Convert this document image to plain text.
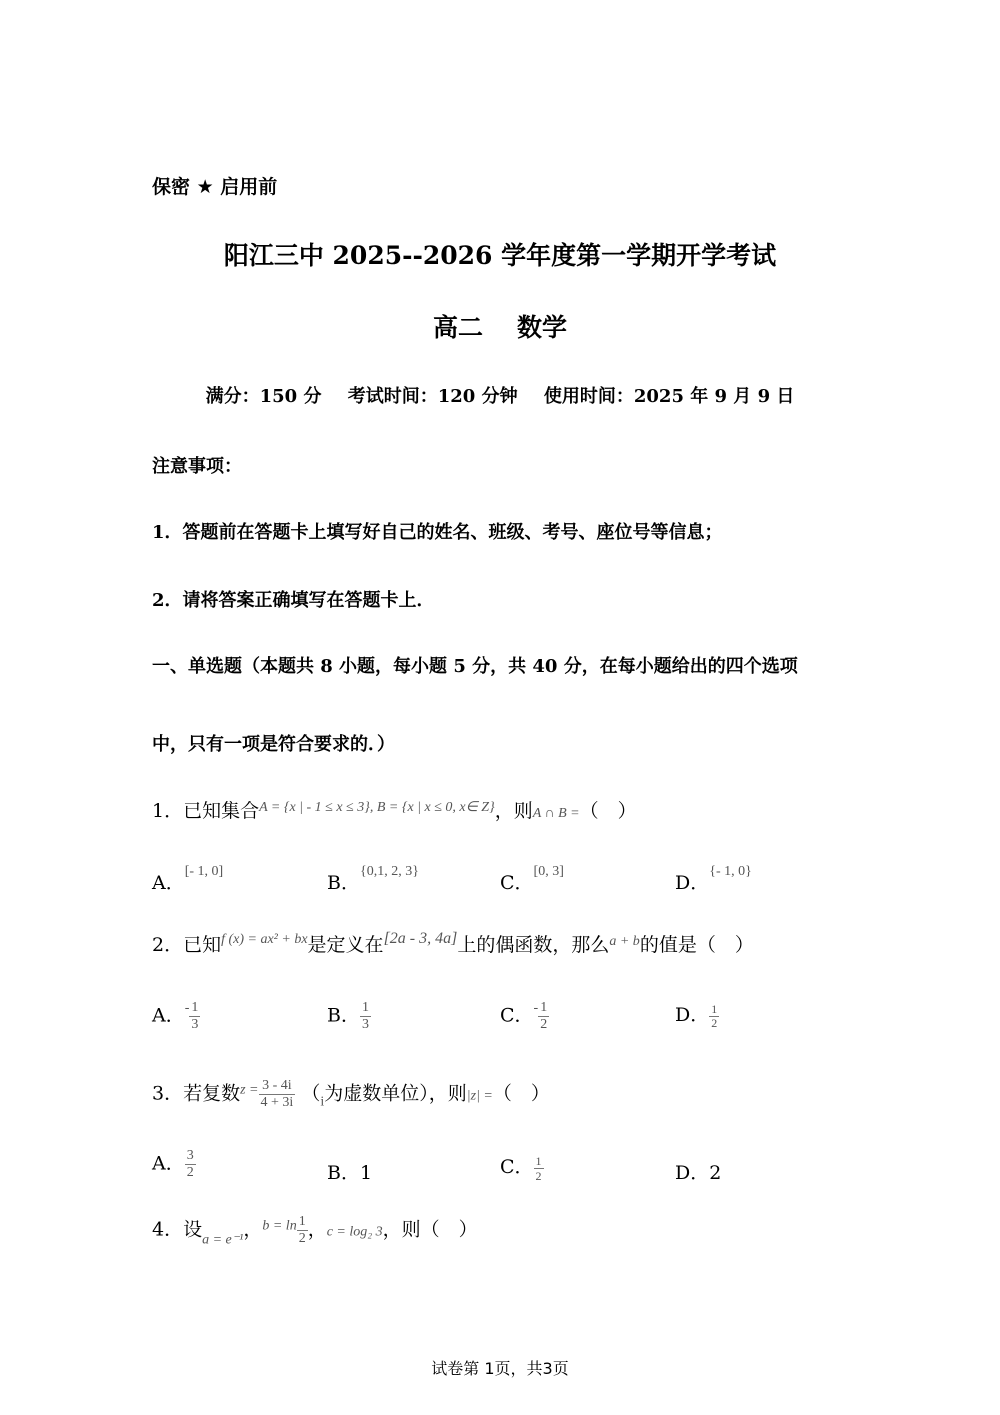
保密 ★ 启用前
阳江三中 2025--2026 学年度第一学期开学考试
高二 数学
满分：150 分 考试时间：120 分钟 使用时间：2025 年 9 月 9 日
注意事项：
1．答题前在答题卡上填写好自己的姓名、班级、考号、座位号等信息；
2．请将答案正确填写在答题卡上．
一、单选题（本题共 8 小题，每小题 5 分，共 40 分，在每小题给出的四个选项
中，只有一项是符合要求的．）
1．已知集合$^{A = \{x | - 1 \le x \le 3\}, B = \{x | x \le 0, x\in Z\}}$，则A ∩ B =（　）
A．[- 1, 0]
B．$^{\{0,1, 2, 3\}}$
C．[0, 3]
D．$^{\{- 1, 0\}}$
2．已知$^{f (x) = ax^2 + bx}$是定义在[2a - 3, 4a]上的偶函数，那么$^{a + b}$的值是（　）
A．$^- \frac{1}{3}$	B． $\frac{1}{3}$	C．$^- \frac{1}{2}$	D． $\frac{1}{2}$
3．若复数$^{z =} \frac{3 - 4i}{4 + 3i} (_i$为虚数单位），则|z| =（　）
A． $\frac{3}{2}$	B．1	C． $\frac{1}{2}$	D．2
4．设$_{a = e^{-1}}$，$^{b = ln} \frac{1}{2}$ ，c = log₂ 3，则（　）
试卷第 1页，共3页
